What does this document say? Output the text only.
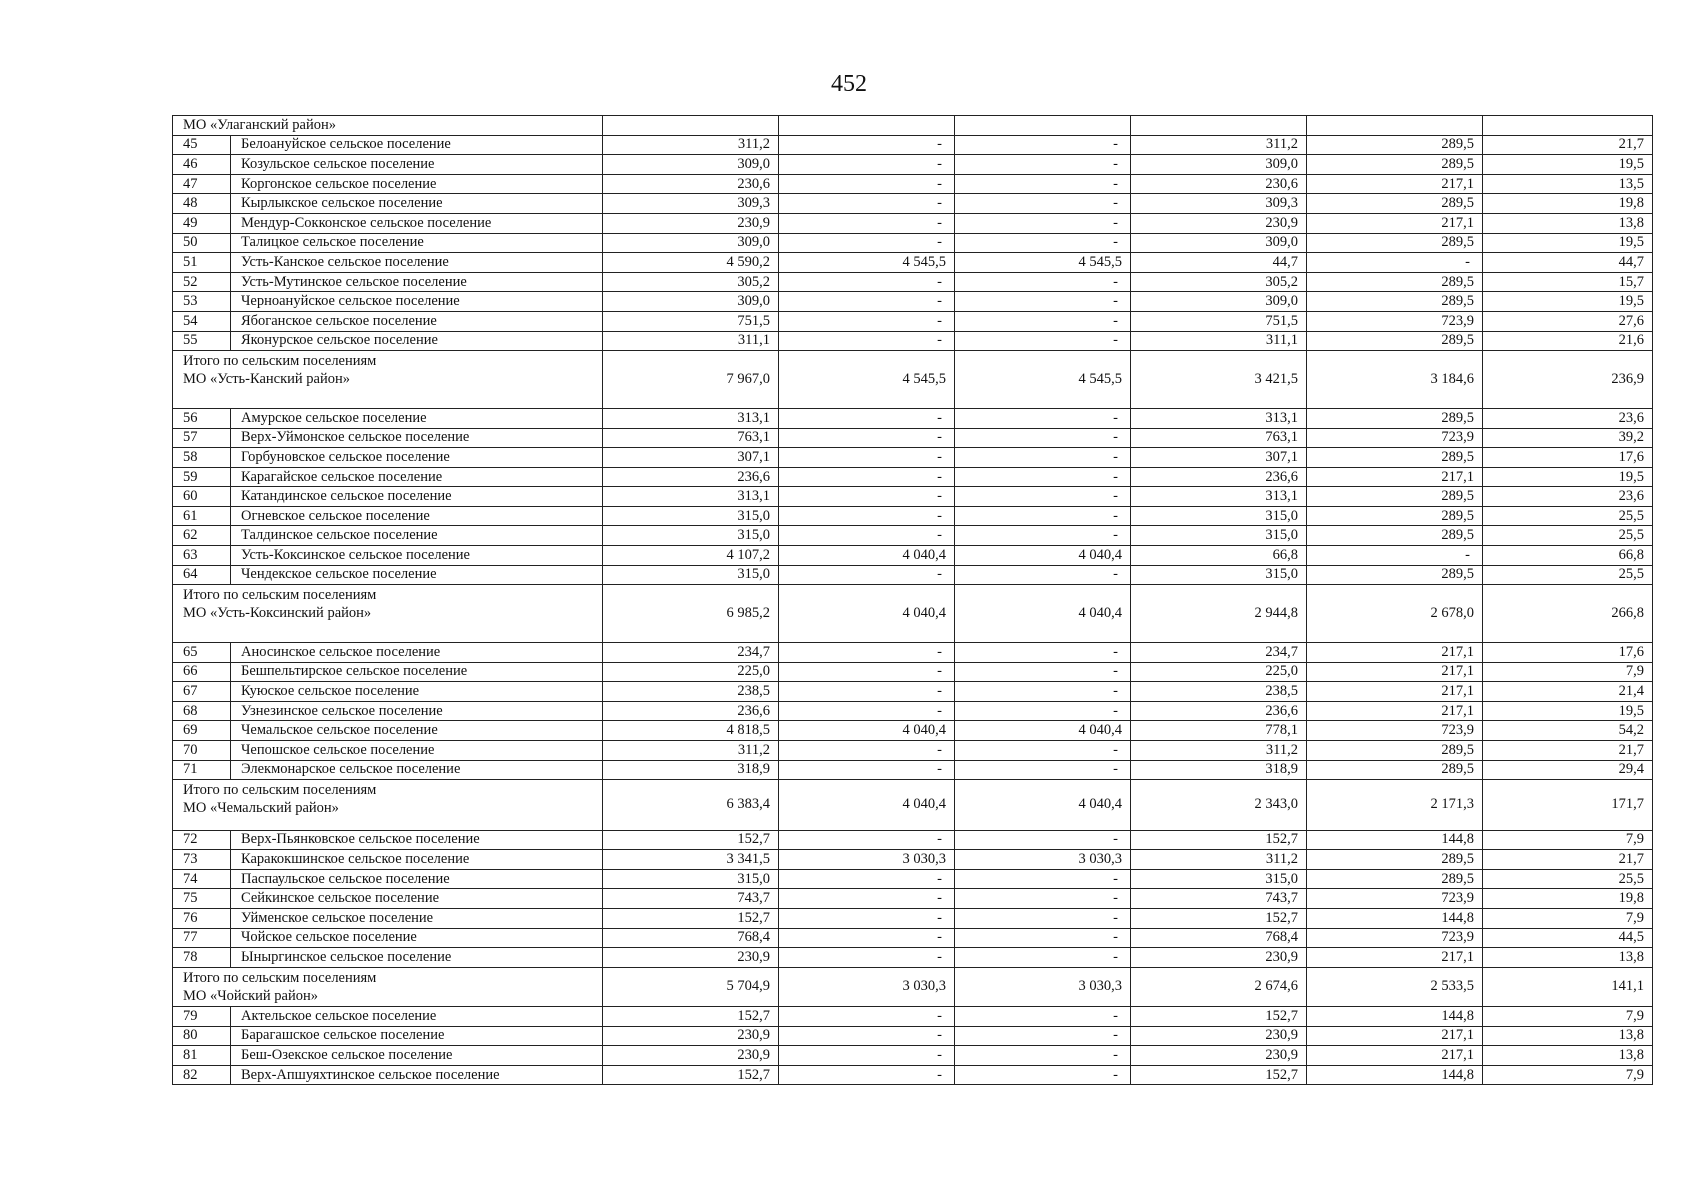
452
МО «Улаганский район»							
45	Белоануйское сельское поселение	311,2	-	-	311,2	289,5	21,7
46	Козульское сельское поселение	309,0	-	-	309,0	289,5	19,5
47	Коргонское сельское поселение	230,6	-	-	230,6	217,1	13,5
48	Кырлыкское сельское поселение	309,3	-	-	309,3	289,5	19,8
49	Мендур-Сокконское сельское поселение	230,9	-	-	230,9	217,1	13,8
50	Талицкое сельское поселение	309,0	-	-	309,0	289,5	19,5
51	Усть-Канское сельское поселение	4 590,2	4 545,5	4 545,5	44,7	-	44,7
52	Усть-Мутинское сельское поселение	305,2	-	-	305,2	289,5	15,7
53	Черноануйское сельское поселение	309,0	-	-	309,0	289,5	19,5
54	Ябоганское сельское поселение	751,5	-	-	751,5	723,9	27,6
55	Яконурское сельское поселение	311,1	-	-	311,1	289,5	21,6

Итого по сельским поселениям
МО «Усть-Канский район»		7 967,0	4 545,5	4 545,5	3 421,5	3 184,6	236,9
56	Амурское сельское поселение	313,1	-	-	313,1	289,5	23,6
57	Верх-Уймонское сельское поселение	763,1	-	-	763,1	723,9	39,2
58	Горбуновское сельское поселение	307,1	-	-	307,1	289,5	17,6
59	Карагайское сельское поселение	236,6	-	-	236,6	217,1	19,5
60	Катандинское сельское поселение	313,1	-	-	313,1	289,5	23,6
61	Огневское сельское поселение	315,0	-	-	315,0	289,5	25,5
62	Талдинское сельское поселение	315,0	-	-	315,0	289,5	25,5
63	Усть-Коксинское сельское поселение	4 107,2	4 040,4	4 040,4	66,8	-	66,8
64	Чендекское сельское поселение	315,0	-	-	315,0	289,5	25,5

Итого по сельским поселениям
МО «Усть-Коксинский район»		6 985,2	4 040,4	4 040,4	2 944,8	2 678,0	266,8
65	Аносинское сельское поселение	234,7	-	-	234,7	217,1	17,6
66	Бешпельтирское сельское поселение	225,0	-	-	225,0	217,1	7,9
67	Куюское сельское поселение	238,5	-	-	238,5	217,1	21,4
68	Узнезинское сельское поселение	236,6	-	-	236,6	217,1	19,5
69	Чемальское сельское поселение	4 818,5	4 040,4	4 040,4	778,1	723,9	54,2
70	Чепошское сельское поселение	311,2	-	-	311,2	289,5	21,7
71	Элекмонарское сельское поселение	318,9	-	-	318,9	289,5	29,4

Итого по сельским поселениям
МО «Чемальский район»		6 383,4	4 040,4	4 040,4	2 343,0	2 171,3	171,7
72	Верх-Пьянковское сельское поселение	152,7	-	-	152,7	144,8	7,9
73	Каракокшинское сельское поселение	3 341,5	3 030,3	3 030,3	311,2	289,5	21,7
74	Паспаульское сельское поселение	315,0	-	-	315,0	289,5	25,5
75	Сейкинское сельское поселение	743,7	-	-	743,7	723,9	19,8
76	Уйменское сельское поселение	152,7	-	-	152,7	144,8	7,9
77	Чойское сельское поселение	768,4	-	-	768,4	723,9	44,5
78	Ыныргинское сельское поселение	230,9	-	-	230,9	217,1	13,8

Итого по сельским поселениям
МО «Чойский район»		5 704,9	3 030,3	3 030,3	2 674,6	2 533,5	141,1
79	Актельское сельское поселение	152,7	-	-	152,7	144,8	7,9
80	Барагашское сельское поселение	230,9	-	-	230,9	217,1	13,8
81	Беш-Озекское сельское поселение	230,9	-	-	230,9	217,1	13,8
82	Верх-Апшуяхтинское сельское поселение	152,7	-	-	152,7	144,8	7,9
